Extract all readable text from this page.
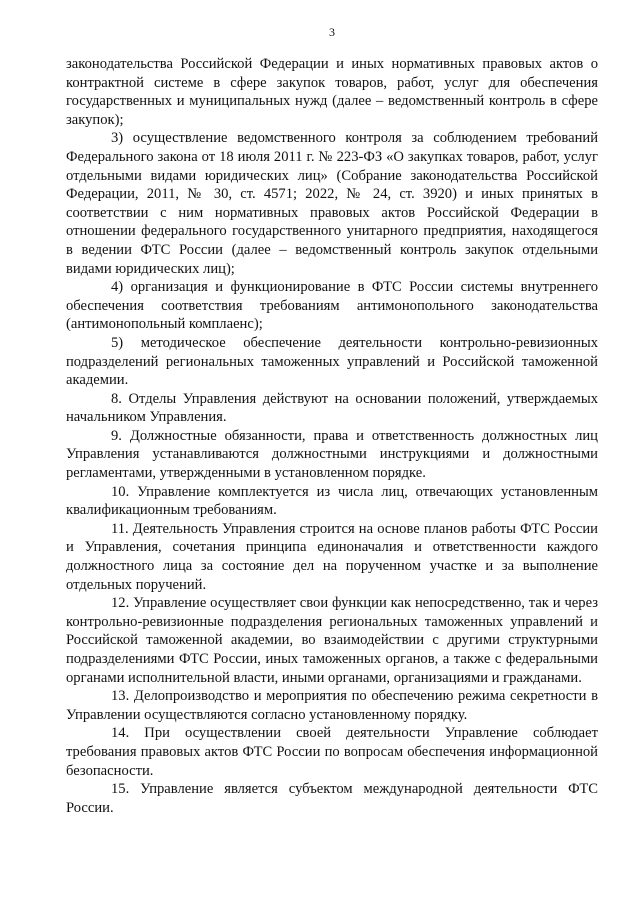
3

законодательства Российской Федерации и иных нормативных правовых актов о контрактной системе в сфере закупок товаров, работ, услуг для обеспечения государственных и муниципальных нужд (далее – ведомственный контроль в сфере закупок);

3) осуществление ведомственного контроля за соблюдением требований Федерального закона от 18 июля 2011 г. № 223-ФЗ «О закупках товаров, работ, услуг отдельными видами юридических лиц» (Собрание законодательства Российской Федерации, 2011, № 30, ст. 4571; 2022, № 24, ст. 3920) и иных принятых в соответствии с ним нормативных правовых актов Российской Федерации в отношении федерального государственного унитарного предприятия, находящегося в ведении ФТС России (далее – ведомственный контроль закупок отдельными видами юридических лиц);

4) организация и функционирование в ФТС России системы внутреннего обеспечения соответствия требованиям антимонопольного законодательства (антимонопольный комплаенс);

5) методическое обеспечение деятельности контрольно-ревизионных подразделений региональных таможенных управлений и Российской таможенной академии.

8. Отделы Управления действуют на основании положений, утверждаемых начальником Управления.

9. Должностные обязанности, права и ответственность должностных лиц Управления устанавливаются должностными инструкциями и должностными регламентами, утвержденными в установленном порядке.

10. Управление комплектуется из числа лиц, отвечающих установленным квалификационным требованиям.

11. Деятельность Управления строится на основе планов работы ФТС России и Управления, сочетания принципа единоначалия и ответственности каждого должностного лица за состояние дел на порученном участке и за выполнение отдельных поручений.

12. Управление осуществляет свои функции как непосредственно, так и через контрольно-ревизионные подразделения региональных таможенных управлений и Российской таможенной академии, во взаимодействии с другими структурными подразделениями ФТС России, иных таможенных органов, а также с федеральными органами исполнительной власти, иными органами, организациями и гражданами.

13. Делопроизводство и мероприятия по обеспечению режима секретности в Управлении осуществляются согласно установленному порядку.

14. При осуществлении своей деятельности Управление соблюдает требования правовых актов ФТС России по вопросам обеспечения информационной безопасности.

15. Управление является субъектом международной деятельности ФТС России.
